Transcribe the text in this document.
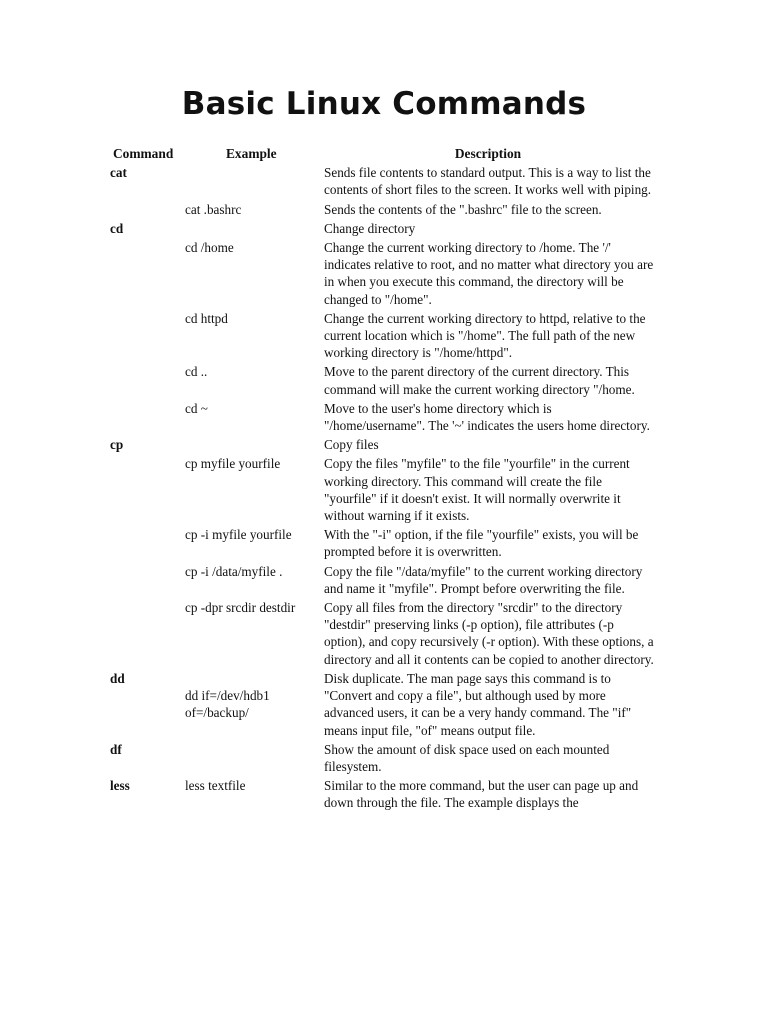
Basic Linux Commands
Command	Example	Description
cat		Sends file contents to standard output. This is a way to list the contents of short files to the screen. It works well with piping.
	cat .bashrc	Sends the contents of the ".bashrc" file to the screen.
cd		Change directory
	cd /home	Change the current working directory to /home. The '/' indicates relative to root, and no matter what directory you are in when you execute this command, the directory will be changed to "/home".
	cd httpd	Change the current working directory to httpd, relative to the current location which is "/home". The full path of the new working directory is "/home/httpd".
	cd ..	Move to the parent directory of the current directory. This command will make the current working directory "/home.
	cd ~	Move to the user's home directory which is "/home/username". The '~' indicates the users home directory.
cp		Copy files
	cp myfile yourfile	Copy the files "myfile" to the file "yourfile" in the current working directory. This command will create the file "yourfile" if it doesn't exist. It will normally overwrite it without warning if it exists.
	cp -i myfile yourfile	With the "-i" option, if the file "yourfile" exists, you will be prompted before it is overwritten.
	cp -i /data/myfile .	Copy the file "/data/myfile" to the current working directory and name it "myfile". Prompt before overwriting the file.
	cp -dpr srcdir destdir	Copy all files from the directory "srcdir" to the directory "destdir" preserving links (-p option), file attributes (-p option), and copy recursively (-r option). With these options, a directory and all it contents can be copied to another directory.
dd	dd if=/dev/hdb1 of=/backup/	Disk duplicate. The man page says this command is to "Convert and copy a file", but although used by more advanced users, it can be a very handy command. The "if" means input file, "of" means output file.
df		Show the amount of disk space used on each mounted filesystem.
less	less textfile	Similar to the more command, but the user can page up and down through the file. The example displays the
